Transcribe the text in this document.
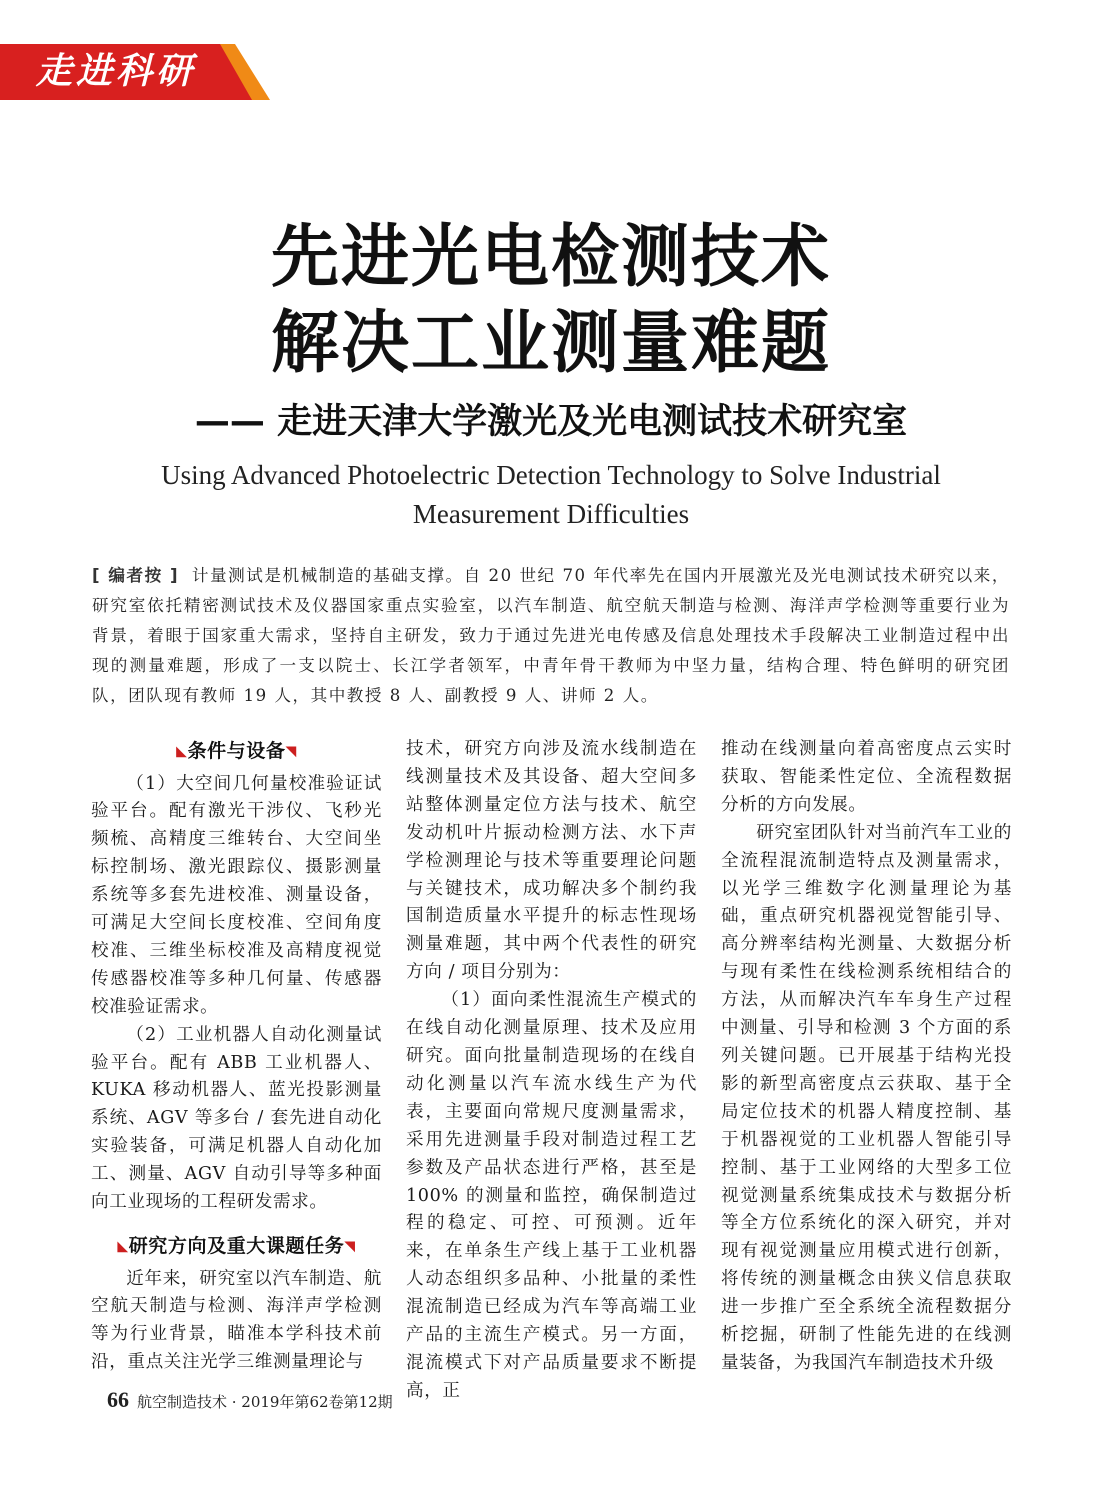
走进科研
先进光电检测技术
解决工业测量难题
—— 走进天津大学激光及光电测试技术研究室
Using Advanced Photoelectric Detection Technology to Solve Industrial
Measurement Difficulties
[ 编者按 ] 计量测试是机械制造的基础支撑。自 20 世纪 70 年代率先在国内开展激光及光电测试技术研究以来，研究室依托精密测试技术及仪器国家重点实验室，以汽车制造、航空航天制造与检测、海洋声学检测等重要行业为背景，着眼于国家重大需求，坚持自主研发，致力于通过先进光电传感及信息处理技术手段解决工业制造过程中出现的测量难题，形成了一支以院士、长江学者领军，中青年骨干教师为中坚力量，结构合理、特色鲜明的研究团队，团队现有教师 19 人，其中教授 8 人、副教授 9 人、讲师 2 人。
◣条件与设备◥

（1）大空间几何量校准验证试验平台。配有激光干涉仪、飞秒光频梳、高精度三维转台、大空间坐标控制场、激光跟踪仪、摄影测量系统等多套先进校准、测量设备，可满足大空间长度校准、空间角度校准、三维坐标校准及高精度视觉传感器校准等多种几何量、传感器校准验证需求。

（2）工业机器人自动化测量试验平台。配有 ABB 工业机器人、KUKA 移动机器人、蓝光投影测量系统、AGV 等多台 / 套先进自动化实验装备，可满足机器人自动化加工、测量、AGV 自动引导等多种面向工业现场的工程研发需求。

◣研究方向及重大课题任务◥

近年来，研究室以汽车制造、航空航天制造与检测、海洋声学检测等为行业背景，瞄准本学科技术前沿，重点关注光学三维测量理论与

技术，研究方向涉及流水线制造在线测量技术及其设备、超大空间多站整体测量定位方法与技术、航空发动机叶片振动检测方法、水下声学检测理论与技术等重要理论问题与关键技术，成功解决多个制约我国制造质量水平提升的标志性现场测量难题，其中两个代表性的研究方向 / 项目分别为：

（1）面向柔性混流生产模式的在线自动化测量原理、技术及应用研究。面向批量制造现场的在线自动化测量以汽车流水线生产为代表，主要面向常规尺度测量需求，采用先进测量手段对制造过程工艺参数及产品状态进行严格，甚至是 100% 的测量和监控，确保制造过程的稳定、可控、可预测。近年来，在单条生产线上基于工业机器人动态组织多品种、小批量的柔性混流制造已经成为汽车等高端工业产品的主流生产模式。另一方面，混流模式下对产品质量要求不断提高，正

推动在线测量向着高密度点云实时获取、智能柔性定位、全流程数据分析的方向发展。

研究室团队针对当前汽车工业的全流程混流制造特点及测量需求，以光学三维数字化测量理论为基础，重点研究机器视觉智能引导、高分辨率结构光测量、大数据分析与现有柔性在线检测系统相结合的方法，从而解决汽车车身生产过程中测量、引导和检测 3 个方面的系列关键问题。已开展基于结构光投影的新型高密度点云获取、基于全局定位技术的机器人精度控制、基于机器视觉的工业机器人智能引导控制、基于工业网络的大型多工位视觉测量系统集成技术与数据分析等全方位系统化的深入研究，并对现有视觉测量应用模式进行创新，将传统的测量概念由狭义信息获取进一步推广至全系统全流程数据分析挖掘，研制了性能先进的在线测量装备，为我国汽车制造技术升级

66 航空制造技术 · 2019年第62卷第12期
